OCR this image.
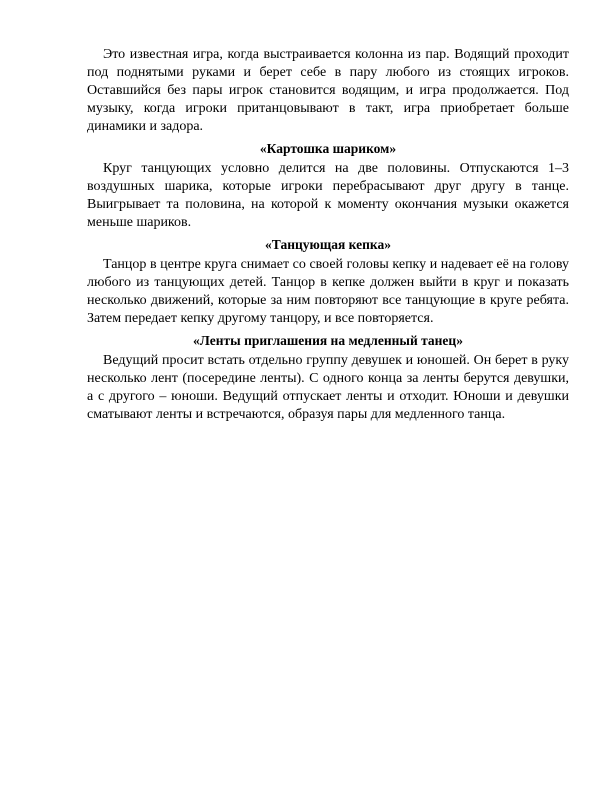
Это известная игра, когда выстраивается колонна из пар. Водящий проходит под поднятыми руками и берет себе в пару любого из стоящих игроков. Оставшийся без пары игрок становится водящим, и игра продолжается. Под музыку, когда игроки пританцовывают в такт, игра приобретает больше динамики и задора.

«Картошка шариком»

Круг танцующих условно делится на две половины. Отпускаются 1–3 воздушных шарика, которые игроки перебрасывают друг другу в танце. Выигрывает та половина, на которой к моменту окончания музыки окажется меньше шариков.

«Танцующая кепка»

Танцор в центре круга снимает со своей головы кепку и надевает её на голову любого из танцующих детей. Танцор в кепке должен выйти в круг и показать несколько движений, которые за ним повторяют все танцующие в круге ребята. Затем передает кепку другому танцору, и все повторяется.

«Ленты приглашения на медленный танец»

Ведущий просит встать отдельно группу девушек и юношей. Он берет в руку несколько лент (посередине ленты). С одного конца за ленты берутся девушки, а с другого – юноши. Ведущий отпускает ленты и отходит. Юноши и девушки сматывают ленты и встречаются, образуя пары для медленного танца.
